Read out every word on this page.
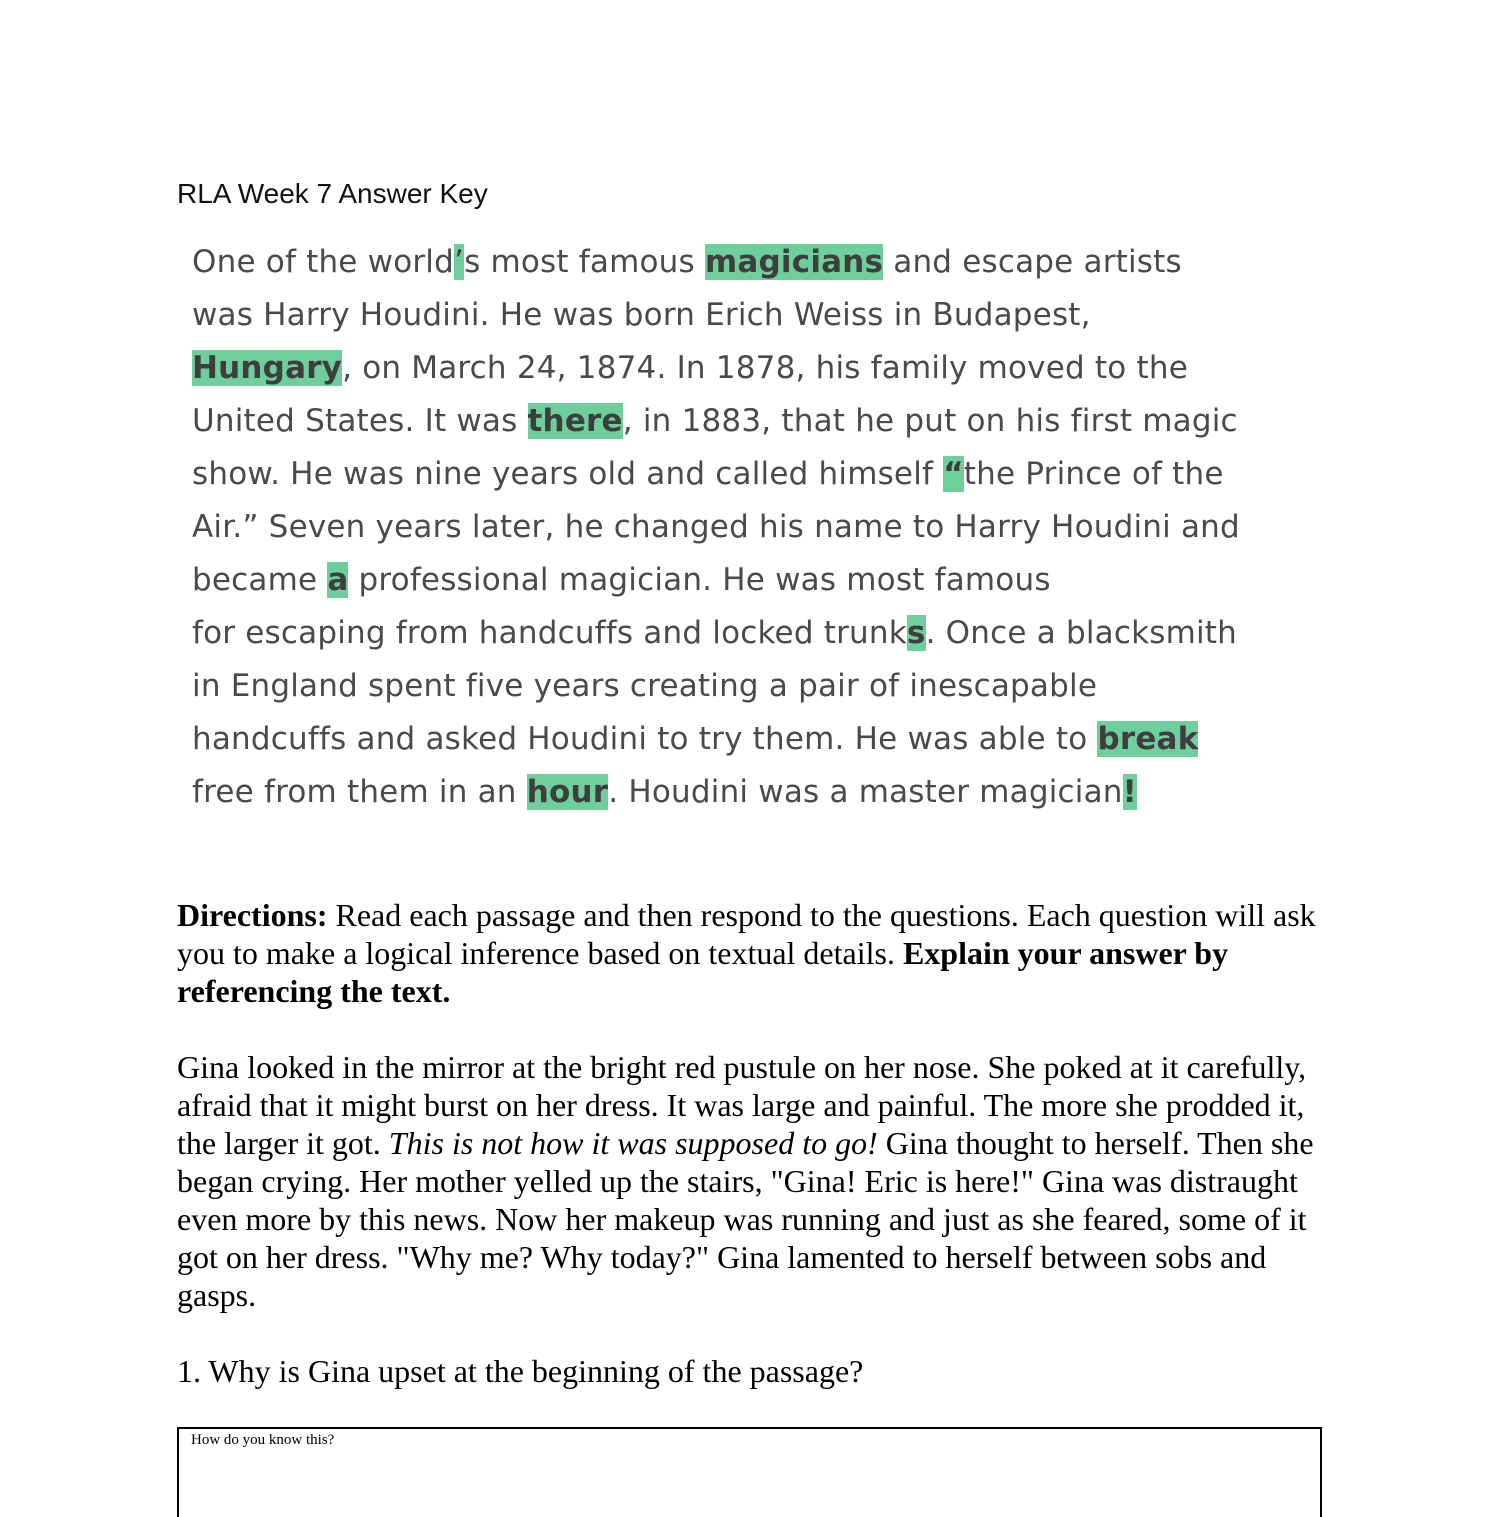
RLA Week 7 Answer Key
One of the world’s most famous magicians and escape artists
was Harry Houdini. He was born Erich Weiss in Budapest,
Hungary, on March 24, 1874. In 1878, his family moved to the
United States. It was there, in 1883, that he put on his first magic
show. He was nine years old and called himself “the Prince of the
Air.” Seven years later, he changed his name to Harry Houdini and
became a professional magician. He was most famous
for escaping from handcuffs and locked trunks. Once a blacksmith
in England spent five years creating a pair of inescapable
handcuffs and asked Houdini to try them. He was able to break
free from them in an hour. Houdini was a master magician!

Directions: Read each passage and then respond to the questions. Each question will ask you to make a logical inference based on textual details. Explain your answer by referencing the text.

Gina looked in the mirror at the bright red pustule on her nose. She poked at it carefully, afraid that it might burst on her dress. It was large and painful. The more she prodded it, the larger it got. This is not how it was supposed to go! Gina thought to herself. Then she began crying. Her mother yelled up the stairs, "Gina! Eric is here!" Gina was distraught even more by this news. Now her makeup was running and just as she feared, some of it got on her dress. "Why me? Why today?" Gina lamented to herself between sobs and gasps.

1. Why is Gina upset at the beginning of the passage?

How do you know this?
